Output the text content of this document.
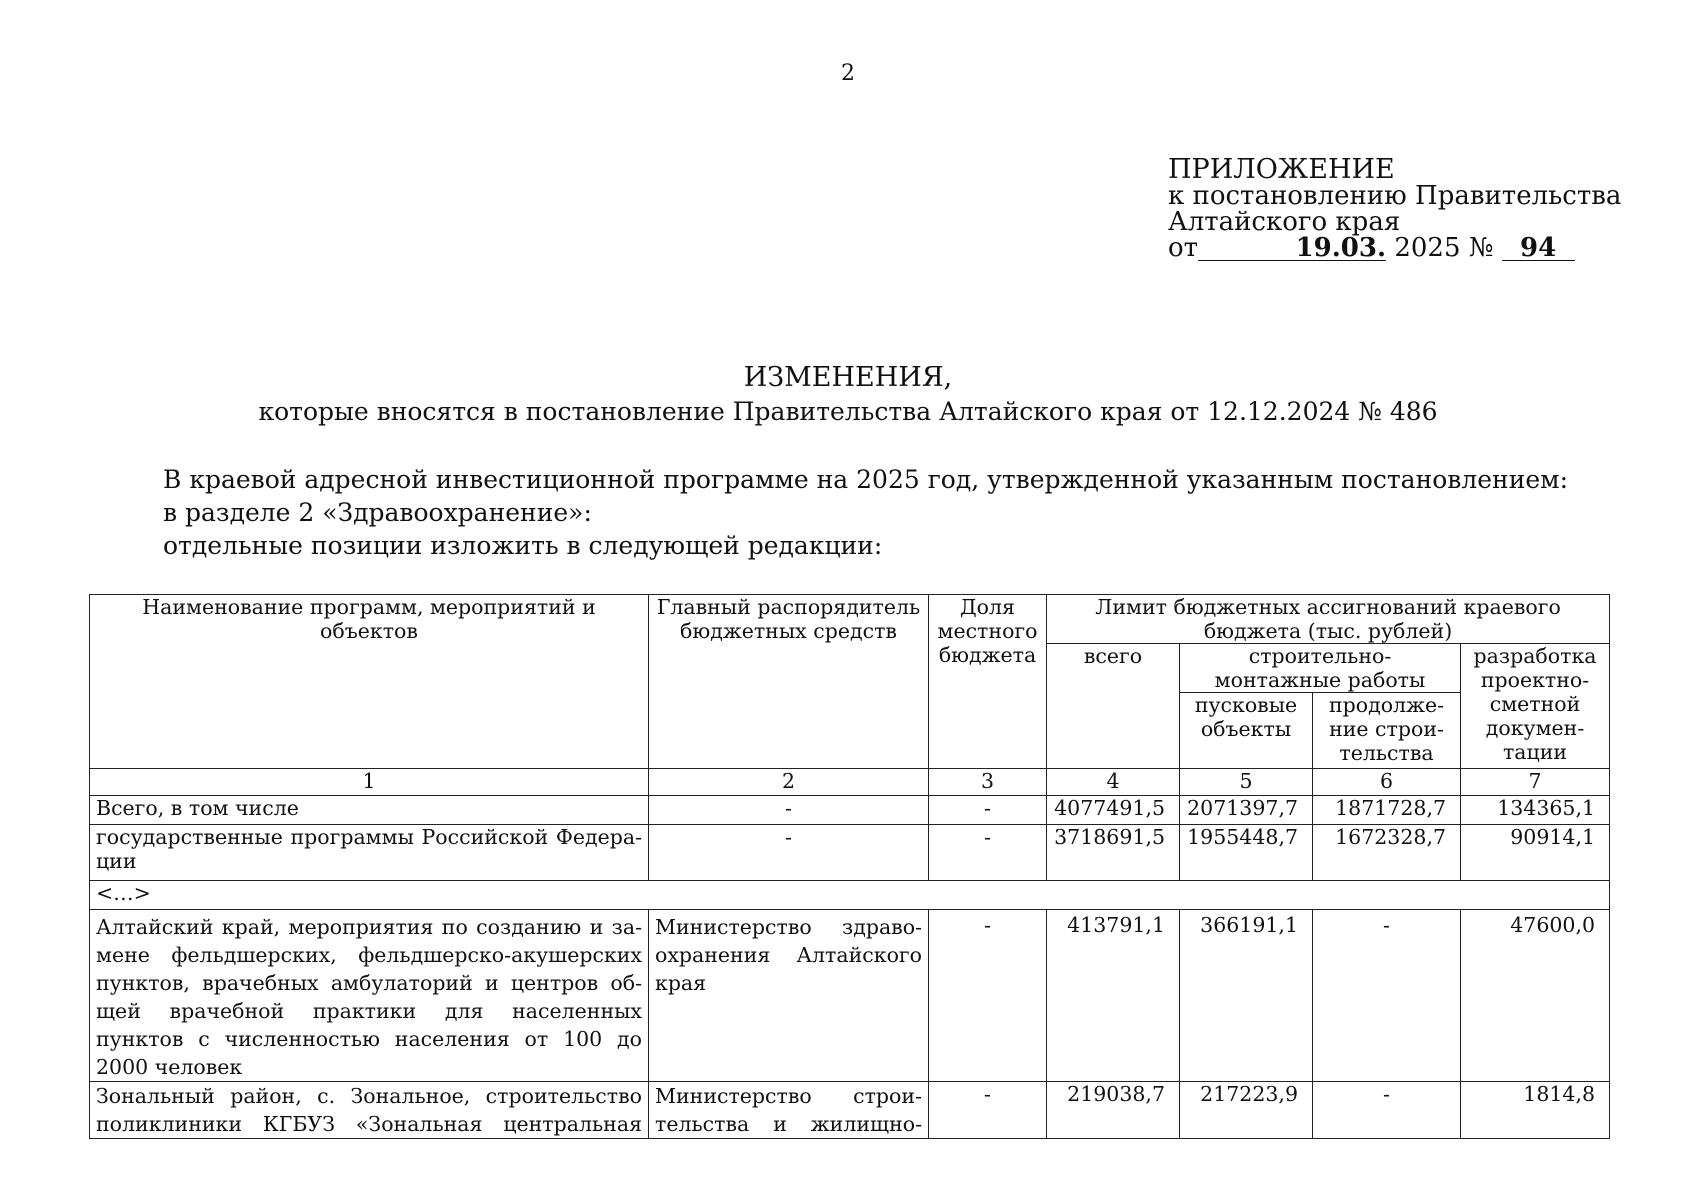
2
ПРИЛОЖЕНИЕ
к постановлению Правительства
Алтайского края
от	19.03. 2025 № 94
ИЗМЕНЕНИЯ,
которые вносятся в постановление Правительства Алтайского края от 12.12.2024 № 486
В краевой адресной инвестиционной программе на 2025 год, утвержденной указанным постановлением:
в разделе 2 «Здравоохранение»:
отдельные позиции изложить в следующей редакции:
Наименование программ, мероприятий и объектов	Главный распорядитель бюджетных средств	Доля местного бюджета	Лимит бюджетных ассигнований краевого бюджета (тыс. рублей)			
			всего	строительно-монтажные работы		разработка проектно-сметной докумен-тации
				пусковые объекты	продолже-ние строи-тельства	
1	2	3	4	5	6	7
Всего, в том числе	-	-	4077491,5	2071397,7	1871728,7	134365,1
государственные программы Российской Федера-ции	-	-	3718691,5	1955448,7	1672328,7	90914,1
<…>						
Алтайский край, мероприятия по созданию и за-мене фельдшерских, фельдшерско-акушерских пунктов, врачебных амбулаторий и центров об-щей врачебной практики для населенных пунктов с численностью населения от 100 до 2000 человек	Министерство здраво-охранения Алтайского края	-	413791,1	366191,1	-	47600,0
Зональный район, с. Зональное, строительство поликлиники КГБУЗ «Зональная центральная	Министерство строи-тельства и жилищно-	-	219038,7	217223,9	-	1814,8
